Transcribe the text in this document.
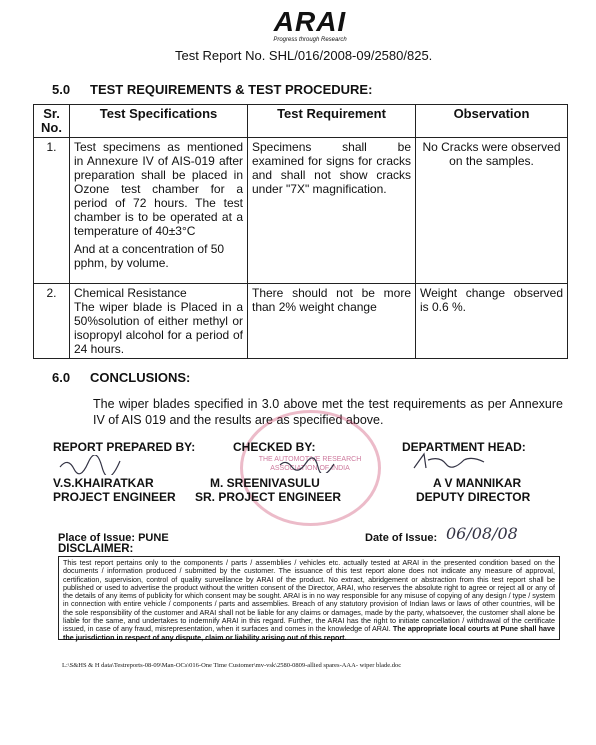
ARAI
Progress through Research
Test Report No. SHL/016/2008-09/2580/825.
5.0 TEST REQUIREMENTS & TEST PROCEDURE:
Sr. No.	Test Specifications	Test Requirement	Observation
1.	Test specimens as mentioned in Annexure IV of AIS-019 after preparation shall be placed in Ozone test chamber for a period of 72 hours. The test chamber is to be operated at a temperature of 40±3°C
And at a concentration of 50 pphm, by volume.	Specimens shall be examined for signs for cracks and shall not show cracks under "7X" magnification.	No Cracks were observed on the samples.
2.	Chemical Resistance
The wiper blade is Placed in a 50%solution of either methyl or isopropyl alcohol for a period of 24 hours.	There should not be more than 2% weight change	Weight change observed is 0.6 %.
6.0 CONCLUSIONS:
The wiper blades specified in 3.0 above met the test requirements as per Annexure IV of AIS 019 and the results are as specified above.
THE AUTOMOTIVE RESEARCH
ASSOCIATION OF INDIA
REPORT PREPARED BY:	CHECKED BY:	DEPARTMENT HEAD:
V.S.KHAIRATKAR
PROJECT ENGINEER
M. SREENIVASULU
SR. PROJECT ENGINEER
A V MANNIKAR
DEPUTY DIRECTOR
Place of Issue: PUNE	Date of Issue: 06/08/08
DISCLAIMER:
This test report pertains only to the components / parts / assemblies / vehicles etc. actually tested at ARAI in the presented condition based on the documents / information produced / submitted by the customer. The issuance of this test report alone does not indicate any measure of approval, certification, supervision, control of quality surveillance by ARAI of the product. No extract, abridgement or abstraction from this test report shall be published or used to advertise the product without the written consent of the Director, ARAI, who reserves the absolute right to agree or reject all or any of the details of any items of publicity for which consent may be sought. ARAI is in no way responsible for any misuse of copying of any design / type / system in connection with entire vehicle / components / parts and assemblies. Breach of any statutory provision of Indian laws or laws of other countries, will be the sole responsibility of the customer and ARAI shall not be liable for any claims or damages, made by the party, whatsoever, the customer shall alone be liable for the same, and undertakes to indemnify ARAI in this regard. Further, the ARAI has the right to initiate cancellation / withdrawal of the certificate issued, in case of any fraud, misrepresentation, when it surfaces and comes in the knowledge of ARAI. The appropriate local courts at Pune shall have the jurisdiction in respect of any dispute, claim or liability arising out of this report.
L:\S&HS & H data\Testreports-08-09\Man-OCs\016-One Time Customer\mv-vsk\2580-0809-allied spares-AAA- wiper blade.doc
